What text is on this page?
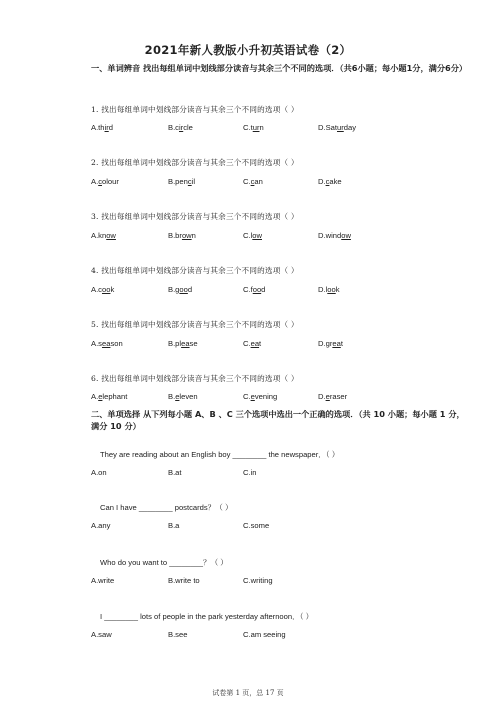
2021年新人教版小升初英语试卷（2）
一、单词辨音 找出每组单词中划线部分读音与其余三个不同的选项．（共6小题；每小题1分，满分6分）
1. 找出每组单词中划线部分读音与其余三个不同的选项（ ）
A.third	B.circle	C.turn	D.Saturday
2. 找出每组单词中划线部分读音与其余三个不同的选项（ ）
A.colour	B.pencil	C.can	D.cake
3. 找出每组单词中划线部分读音与其余三个不同的选项（ ）
A.know	B.brown	C.low	D.window
4. 找出每组单词中划线部分读音与其余三个不同的选项（ ）
A.cook	B.good	C.food	D.look
5. 找出每组单词中划线部分读音与其余三个不同的选项（ ）
A.season	B.please	C.eat	D.great
6. 找出每组单词中划线部分读音与其余三个不同的选项（ ）
A.elephant	B.eleven	C.evening	D.eraser
二、单项选择 从下列每小题 A、B 、C 三个选项中选出一个正确的选项．（共 10 小题；每小题 1 分，满分 10 分）
They are reading about an English boy ________ the newspaper．（ ）
A.on	B.at	C.in
Can I have ________ postcards？（ ）
A.any	B.a	C.some
Who do you want to ________？（ ）
A.write	B.write to	C.writing
I ________ lots of people in the park yesterday afternoon．（ ）
A.saw	B.see	C.am seeing
试卷第 1 页，总 17 页
